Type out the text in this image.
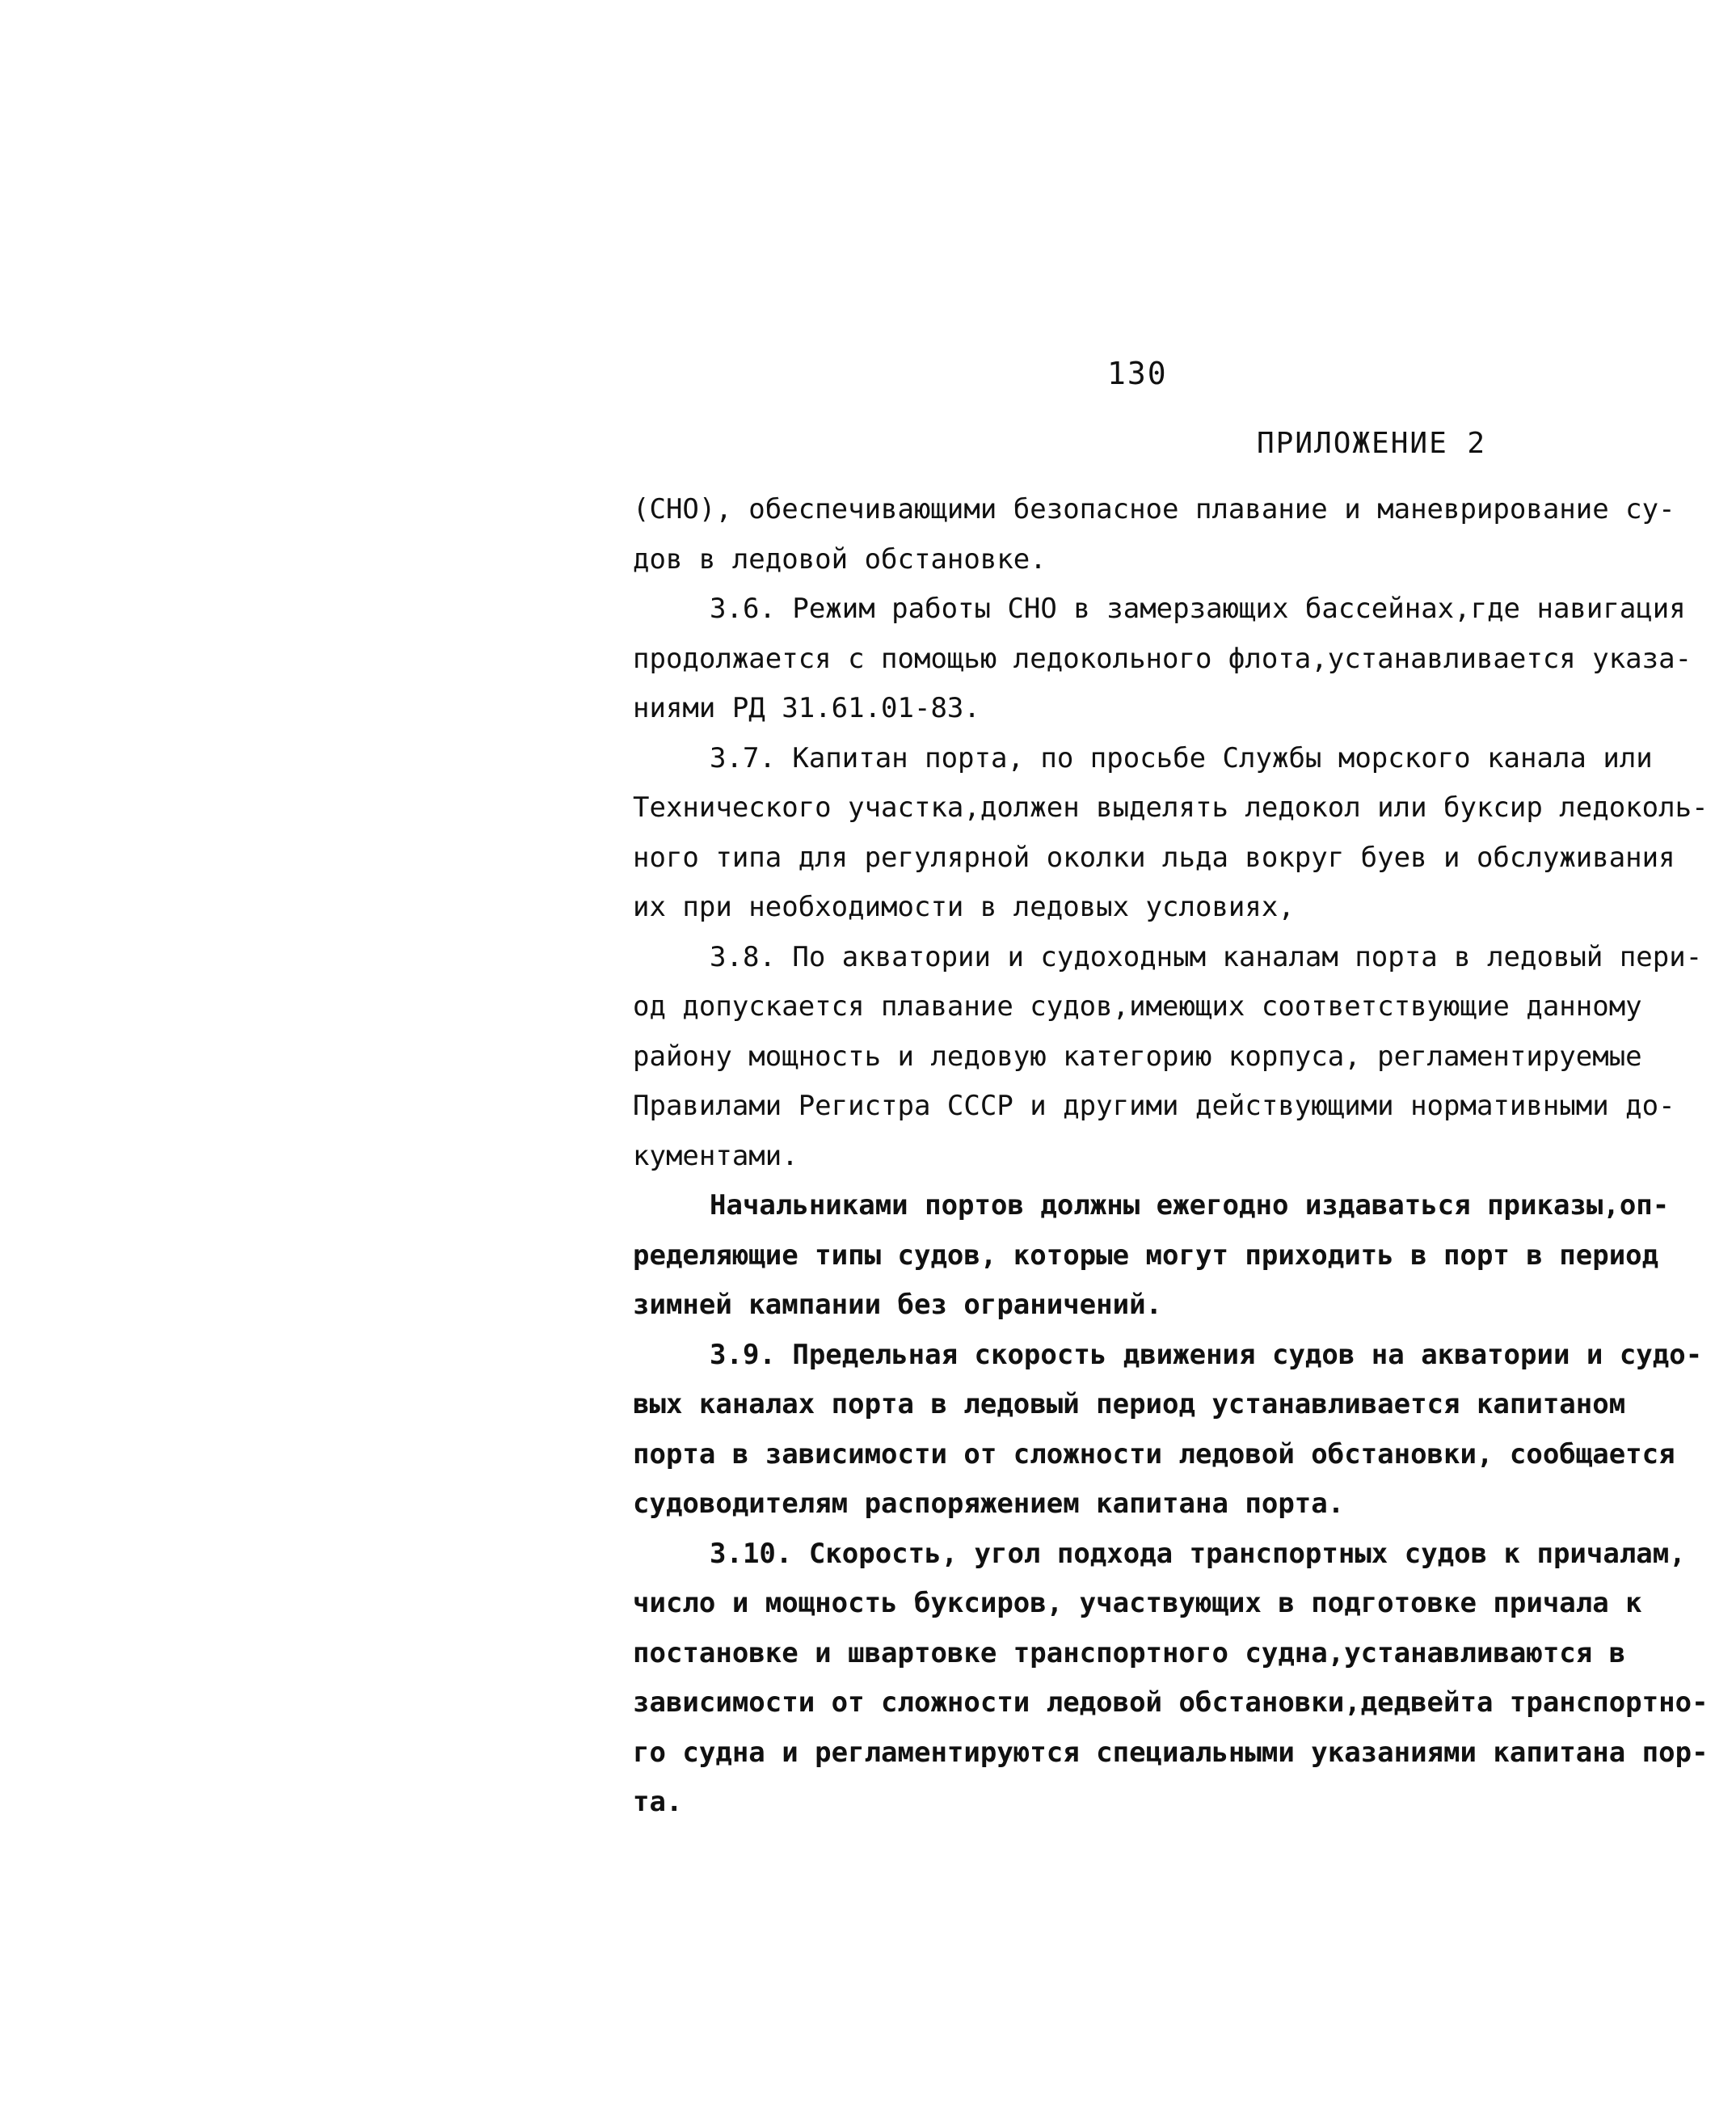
130
ПРИЛОЖЕНИЕ 2
(СНО), обеспечивающими безопасное плавание и маневрирование су-
дов в ледовой обстановке.
3.6. Режим работы СНО в замерзающих бассейнах,где навигация
продолжается с помощью ледокольного флота,устанавливается указа-
ниями РД 31.61.01-83.
3.7. Капитан порта, по просьбе Службы морского канала или
Технического участка,должен выделять ледокол или буксир ледоколь-
ного типа для регулярной околки льда вокруг буев и обслуживания
их при необходимости в ледовых условиях,
3.8. По акватории и судоходным каналам порта в ледовый пери-
од допускается плавание судов,имеющих соответствующие данному
району мощность и ледовую категорию корпуса, регламентируемые
Правилами Регистра СССР и другими действующими нормативными до-
кументами.
Начальниками портов должны ежегодно издаваться приказы,оп-
ределяющие типы судов, которые могут приходить в порт в период
зимней кампании без ограничений.
3.9. Предельная скорость движения судов на акватории и судо-
вых каналах порта в ледовый период устанавливается капитаном
порта в зависимости от сложности ледовой обстановки, сообщается
судоводителям распоряжением капитана порта.
3.10. Скорость, угол подхода транспортных судов к причалам,
число и мощность буксиров, участвующих в подготовке причала к
постановке и швартовке транспортного судна,устанавливаются в
зависимости от сложности ледовой обстановки,дедвейта транспортно-
го судна и регламентируются специальными указаниями капитана пор-
та.
